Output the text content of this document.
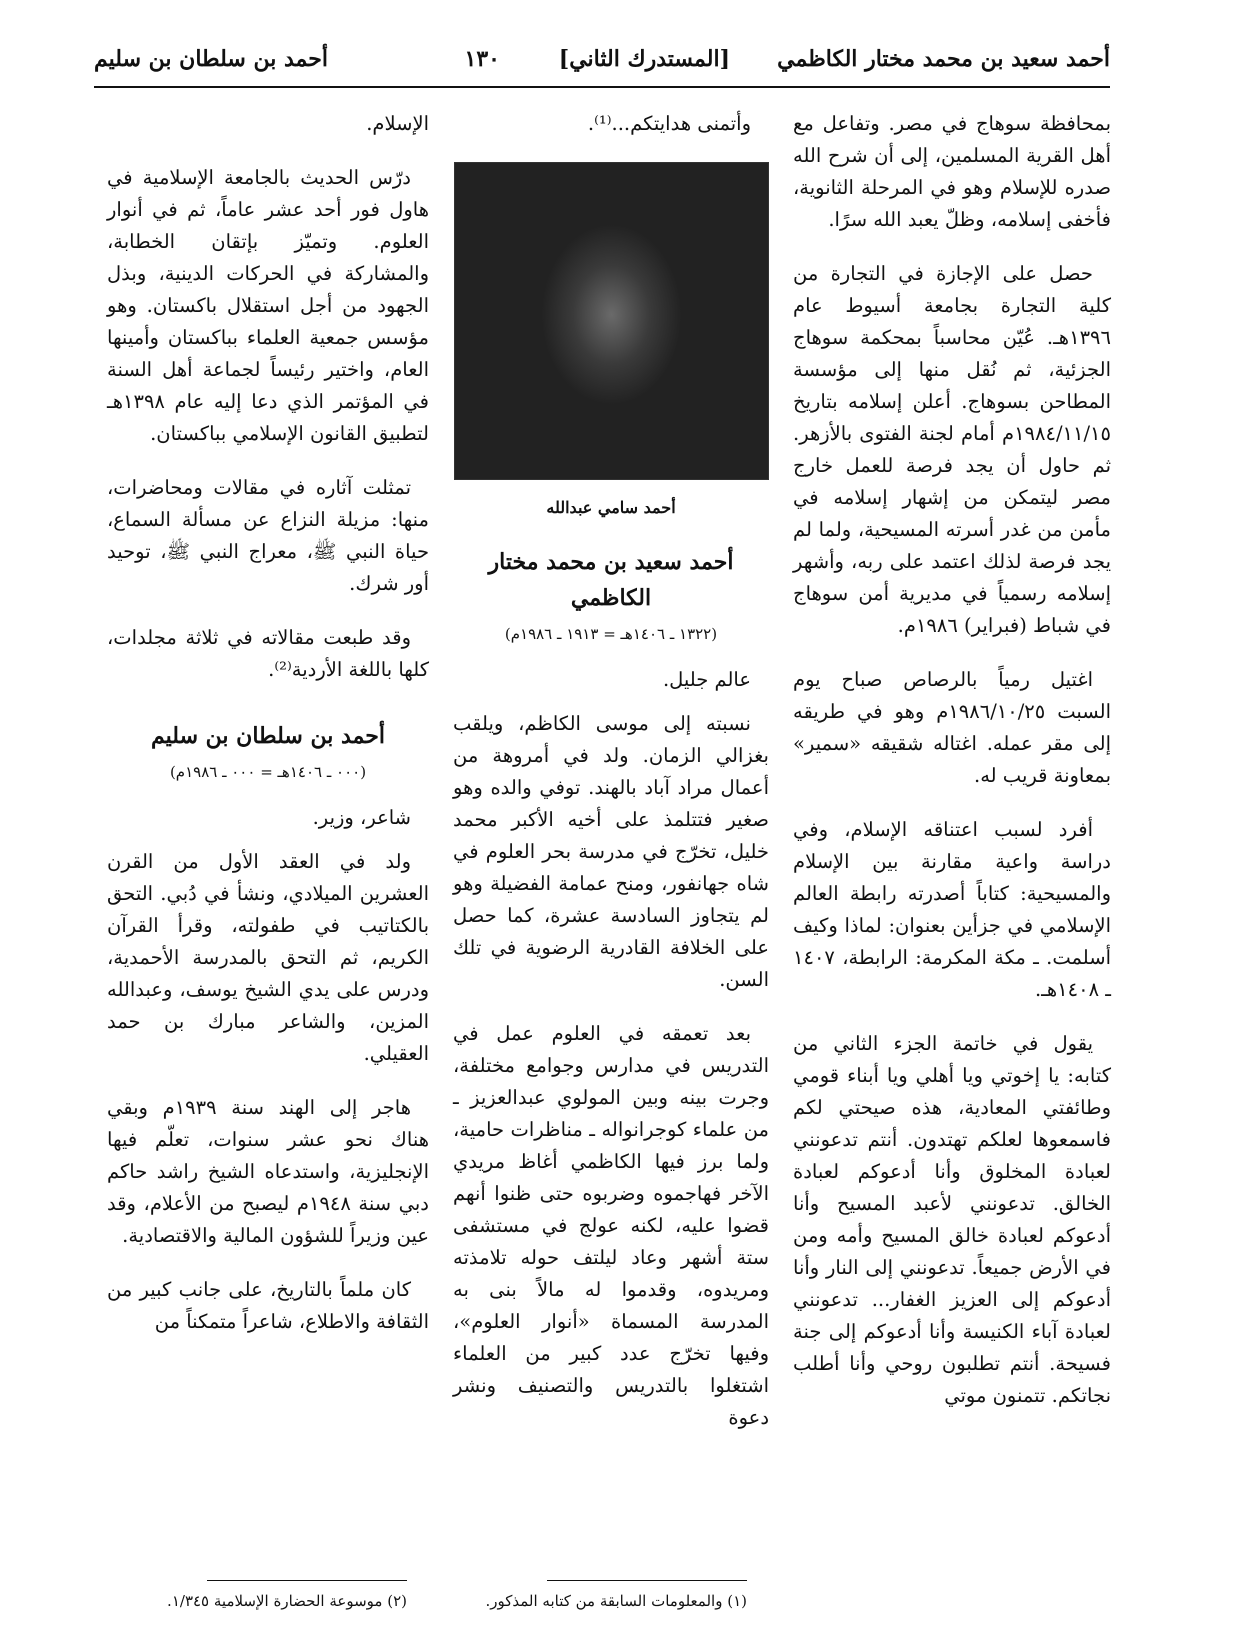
أحمد سعيد بن محمد مختار الكاظمي
[المستدرك الثاني]
١٣٠
أحمد بن سلطان بن سليم

بمحافظة سوهاج في مصر. وتفاعل مع أهل القرية المسلمين، إلى أن شرح الله صدره للإسلام وهو في المرحلة الثانوية، فأخفى إسلامه، وظلّ يعبد الله سرًا.

حصل على الإجازة في التجارة من كلية التجارة بجامعة أسيوط عام ١٣٩٦هـ. عُيّن محاسباً بمحكمة سوهاج الجزئية، ثم نُقل منها إلى مؤسسة المطاحن بسوهاج. أعلن إسلامه بتاريخ ١٩٨٤/١١/١٥م أمام لجنة الفتوى بالأزهر. ثم حاول أن يجد فرصة للعمل خارج مصر ليتمكن من إشهار إسلامه في مأمن من غدر أسرته المسيحية، ولما لم يجد فرصة لذلك اعتمد على ربه، وأشهر إسلامه رسمياً في مديرية أمن سوهاج في شباط (فبراير) ١٩٨٦م.

اغتيل رمياً بالرصاص صباح يوم السبت ١٩٨٦/١٠/٢٥م وهو في طريقه إلى مقر عمله. اغتاله شقيقه «سمير» بمعاونة قريب له.

أفرد لسبب اعتناقه الإسلام، وفي دراسة واعية مقارنة بين الإسلام والمسيحية: كتاباً أصدرته رابطة العالم الإسلامي في جزأين بعنوان: لماذا وكيف أسلمت. ـ مكة المكرمة: الرابطة، ١٤٠٧ ـ ١٤٠٨هـ.

يقول في خاتمة الجزء الثاني من كتابه: يا إخوتي ويا أهلي ويا أبناء قومي وطائفتي المعادية، هذه صيحتي لكم فاسمعوها لعلكم تهتدون. أنتم تدعونني لعبادة المخلوق وأنا أدعوكم لعبادة الخالق. تدعونني لأعبد المسيح وأنا أدعوكم لعبادة خالق المسيح وأمه ومن في الأرض جميعاً. تدعونني إلى النار وأنا أدعوكم إلى العزيز الغفار... تدعونني لعبادة آباء الكنيسة وأنا أدعوكم إلى جنة فسيحة. أنتم تطلبون روحي وأنا أطلب نجاتكم. تتمنون موتي

وأتمنى هدايتكم...⁽¹⁾.

أحمد سامي عبدالله
أحمد سعيد بن محمد مختار الكاظمي
(١٣٢٢ ـ ١٤٠٦هـ = ١٩١٣ ـ ١٩٨٦م)

عالم جليل.

نسبته إلى موسى الكاظم، ويلقب بغزالي الزمان. ولد في أمروهة من أعمال مراد آباد بالهند. توفي والده وهو صغير فتتلمذ على أخيه الأكبر محمد خليل، تخرّج في مدرسة بحر العلوم في شاه جهانفور، ومنح عمامة الفضيلة وهو لم يتجاوز السادسة عشرة، كما حصل على الخلافة القادرية الرضوية في تلك السن.

بعد تعمقه في العلوم عمل في التدريس في مدارس وجوامع مختلفة، وجرت بينه وبين المولوي عبدالعزيز ـ من علماء كوجرانواله ـ مناظرات حامية، ولما برز فيها الكاظمي أغاظ مريدي الآخر فهاجموه وضربوه حتى ظنوا أنهم قضوا عليه، لكنه عولج في مستشفى ستة أشهر وعاد ليلتف حوله تلامذته ومريدوه، وقدموا له مالاً بنى به المدرسة المسماة «أنوار العلوم»، وفيها تخرّج عدد كبير من العلماء اشتغلوا بالتدريس والتصنيف ونشر دعوة

الإسلام.

درّس الحديث بالجامعة الإسلامية في هاول فور أحد عشر عاماً، ثم في أنوار العلوم. وتميّز بإتقان الخطابة، والمشاركة في الحركات الدينية، وبذل الجهود من أجل استقلال باكستان. وهو مؤسس جمعية العلماء بباكستان وأمينها العام، واختير رئيساً لجماعة أهل السنة في المؤتمر الذي دعا إليه عام ١٣٩٨هـ لتطبيق القانون الإسلامي بباكستان.

تمثلت آثاره في مقالات ومحاضرات، منها: مزيلة النزاع عن مسألة السماع، حياة النبي ﷺ، معراج النبي ﷺ، توحيد أور شرك.

وقد طبعت مقالاته في ثلاثة مجلدات، كلها باللغة الأردية⁽²⁾.

أحمد بن سلطان بن سليم
(٠٠٠ ـ ١٤٠٦هـ = ٠٠٠ ـ ١٩٨٦م)

شاعر، وزير.

ولد في العقد الأول من القرن العشرين الميلادي، ونشأ في دُبي. التحق بالكتاتيب في طفولته، وقرأ القرآن الكريم، ثم التحق بالمدرسة الأحمدية، ودرس على يدي الشيخ يوسف، وعبدالله المزين، والشاعر مبارك بن حمد العقيلي.

هاجر إلى الهند سنة ١٩٣٩م وبقي هناك نحو عشر سنوات، تعلّم فيها الإنجليزية، واستدعاه الشيخ راشد حاكم دبي سنة ١٩٤٨م ليصبح من الأعلام، وقد عين وزيراً للشؤون المالية والاقتصادية.

كان ملماً بالتاريخ، على جانب كبير من الثقافة والاطلاع، شاعراً متمكناً من

(١) والمعلومات السابقة من كتابه المذكور.
(٢) موسوعة الحضارة الإسلامية ١/٣٤٥.
